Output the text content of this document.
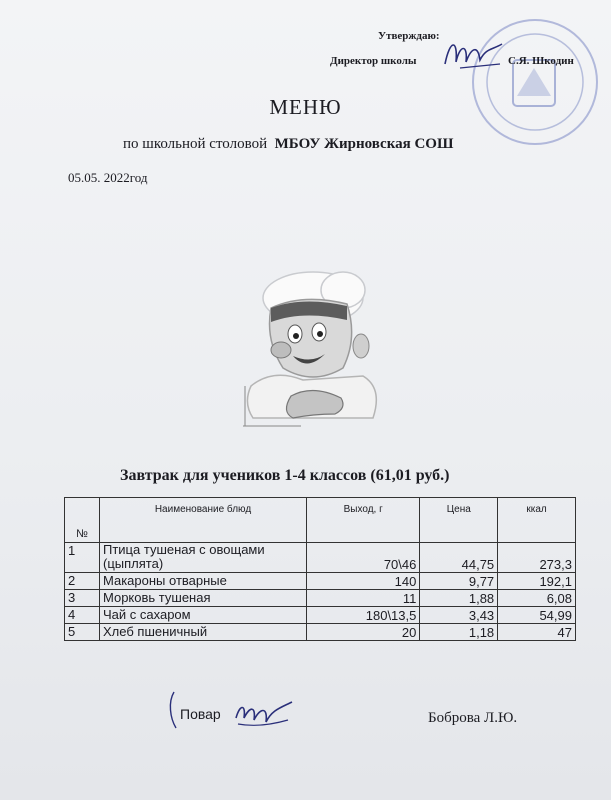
Утверждаю:
Директор школы	С.Я. Шкодин
МЕНЮ
по школьной столовой МБОУ Жирновская СОШ
05.05. 2022год
Завтрак для учеников 1-4 классов (61,01 руб.)
№	Наименование блюд	Выход, г	Цена	ккал
1	Птица тушеная с овощами (цыплята)	70\46	44,75	273,3
2	Макароны отварные	140	9,77	192,1
3	Морковь тушеная	11	1,88	6,08
4	Чай с сахаром	180\13,5	3,43	54,99
5	Хлеб пшеничный	20	1,18	47
Повар	Боброва Л.Ю.
